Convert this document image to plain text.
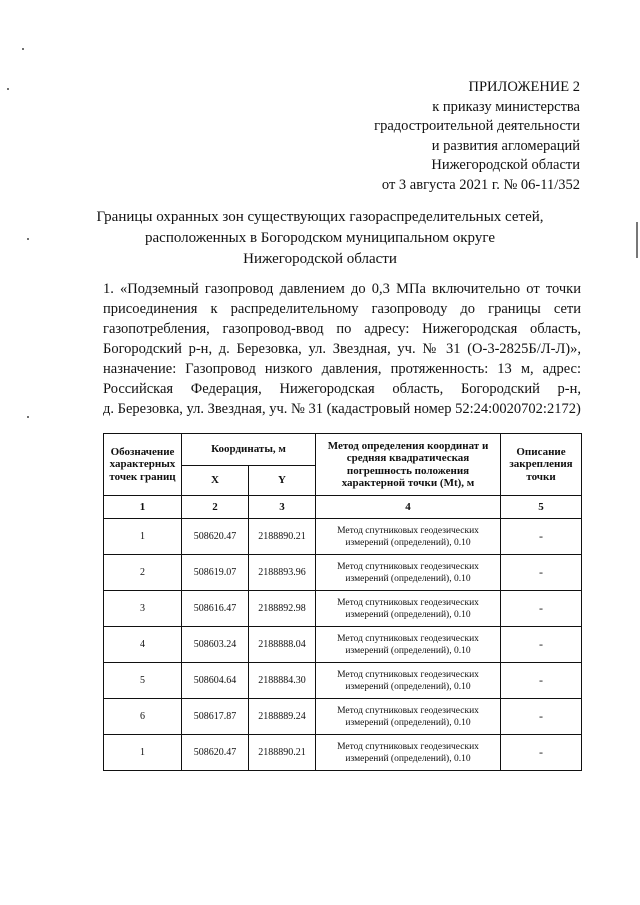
ПРИЛОЖЕНИЕ 2
к приказу министерства
градостроительной деятельности
и развития агломераций
Нижегородской области
от 3 августа 2021 г. № 06-11/352
Границы охранных зон существующих газораспределительных сетей,
расположенных в Богородском муниципальном округе
Нижегородской области
1. «Подземный газопровод давлением до 0,3 МПа включительно от точки
присоединения к распределительному газопроводу до границы сети
газопотребления, газопровод-ввод по адресу: Нижегородская область,
Богородский р-н, д. Березовка, ул. Звездная, уч. № 31 (О-3-2825Б/Л-Л)»,
назначение: Газопровод низкого давления, протяженность: 13 м, адрес:
Российская Федерация, Нижегородская область, Богородский р-н,
д. Березовка, ул. Звездная, уч. № 31 (кадастровый номер 52:24:0020702:2172)
Обозначение характерных точек границ	Координаты, м		Метод определения координат и средняя квадратическая погрешность положения характерной точки (Mt), м	Описание закрепления точки
	X	Y		
1	2	3	4	5
1	508620.47	2188890.21	Метод спутниковых геодезических измерений (определений), 0.10	-
2	508619.07	2188893.96	Метод спутниковых геодезических измерений (определений), 0.10	-
3	508616.47	2188892.98	Метод спутниковых геодезических измерений (определений), 0.10	-
4	508603.24	2188888.04	Метод спутниковых геодезических измерений (определений), 0.10	-
5	508604.64	2188884.30	Метод спутниковых геодезических измерений (определений), 0.10	-
6	508617.87	2188889.24	Метод спутниковых геодезических измерений (определений), 0.10	-
1	508620.47	2188890.21	Метод спутниковых геодезических измерений (определений), 0.10	-
